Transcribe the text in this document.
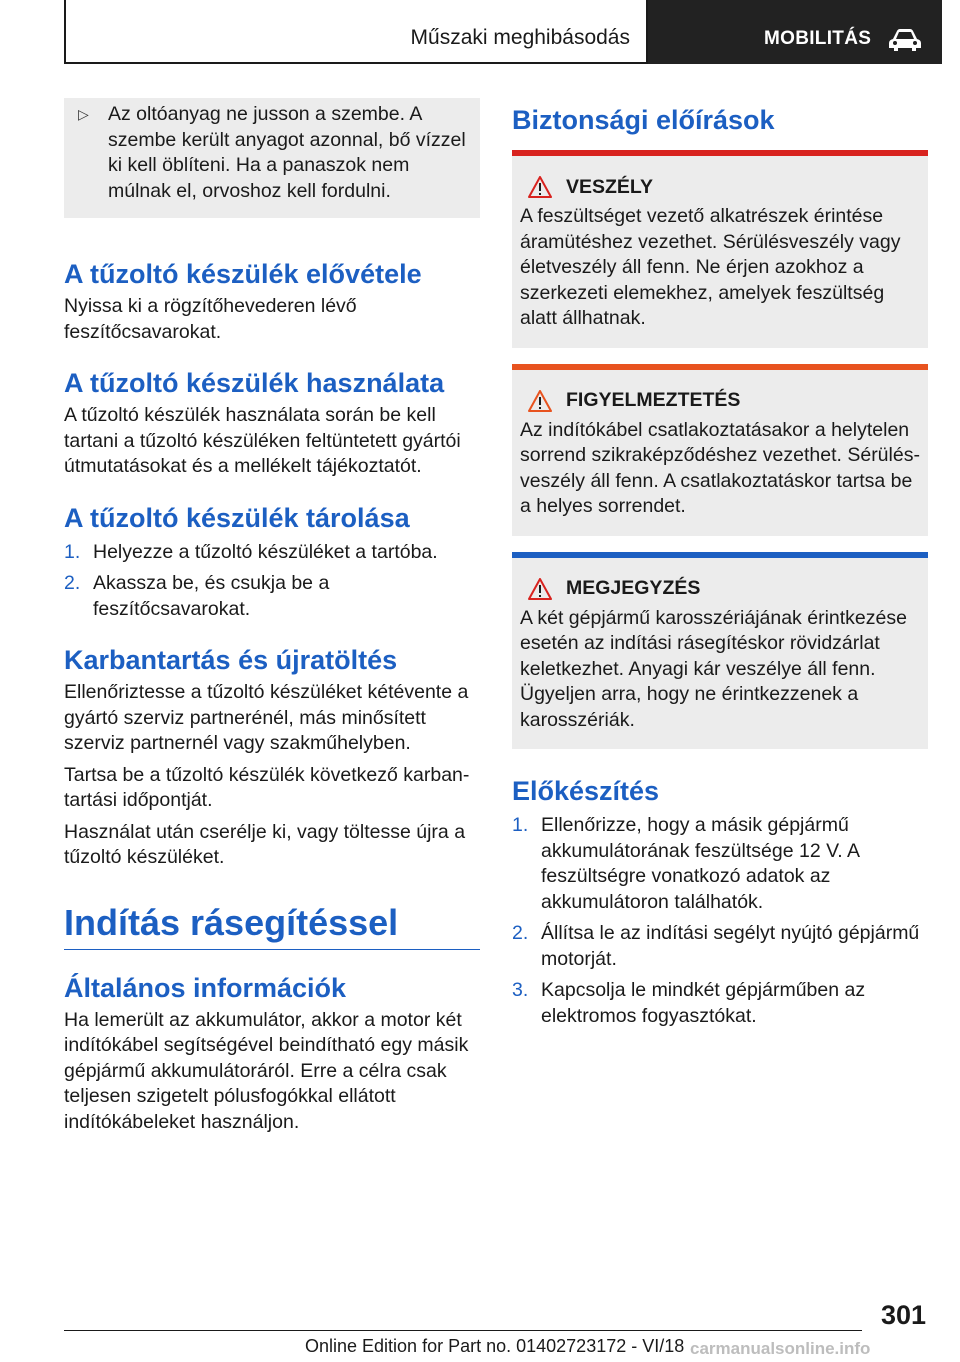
Műszaki meghibásodás	MOBILITÁS
▷ Az oltóanyag ne jusson a szembe. A szembe került anyagot azonnal, bő vízzel ki kell öblíteni. Ha a panaszok nem múlnak el, orvoshoz kell fordulni.
A tűzoltó készülék elővétele

Nyissa ki a rögzítőhevederen lévő feszítőcsavarokat.

A tűzoltó készülék használata

A tűzoltó készülék használata során be kell tartani a tűzoltó készüléken feltüntetett gyártói útmutatásokat és a mellékelt tájékoztatót.

A tűzoltó készülék tárolása
1. Helyezze a tűzoltó készüléket a tartóba.
2. Akassza be, és csukja be a feszítőcsavarokat.
Karbantartás és újratöltés

Ellenőriztesse a tűzoltó készüléket kétévente a gyártó szerviz partnerénél, más minősített szerviz partnernél vagy szakműhelyben.

Tartsa be a tűzoltó készülék következő karbantartási időpontját.

Használat után cserélje ki, vagy töltesse újra a tűzoltó készüléket.

Indítás rásegítéssel
Általános információk

Ha lemerült az akkumulátor, akkor a motor két indítókábel segítségével beindítható egy másik gépjármű akkumulátoráról. Erre a célra csak teljesen szigetelt pólusfogókkal ellátott indítókábeleket használjon.

Biztonsági előírások
VESZÉLY

A feszültséget vezető alkatrészek érintése áramütéshez vezethet. Sérülésveszély vagy életveszély áll fenn. Ne érjen azokhoz a szerkezeti elemekhez, amelyek feszültség alatt állhatnak.

FIGYELMEZTETÉS

Az indítókábel csatlakoztatásakor a helytelen sorrend szikraképződéshez vezethet. Sérülésveszély áll fenn. A csatlakoztatáskor tartsa be a helyes sorrendet.

MEGJEGYZÉS

A két gépjármű karosszériájának érintkezése esetén az indítási rásegítéskor rövidzárlat keletkezhet. Anyagi kár veszélye áll fenn. Ügyeljen arra, hogy ne érintkezzenek a karosszériák.

Előkészítés
1. Ellenőrizze, hogy a másik gépjármű akkumulátorának feszültsége 12 V. A feszültségre vonatkozó adatok az akkumulátoron találhatók.
2. Állítsa le az indítási segélyt nyújtó gépjármű motorját.
3. Kapcsolja le mindkét gépjárműben az elektromos fogyasztókat.
301
Online Edition for Part no. 01402723172 - VI/18 carmanualsonline.info
